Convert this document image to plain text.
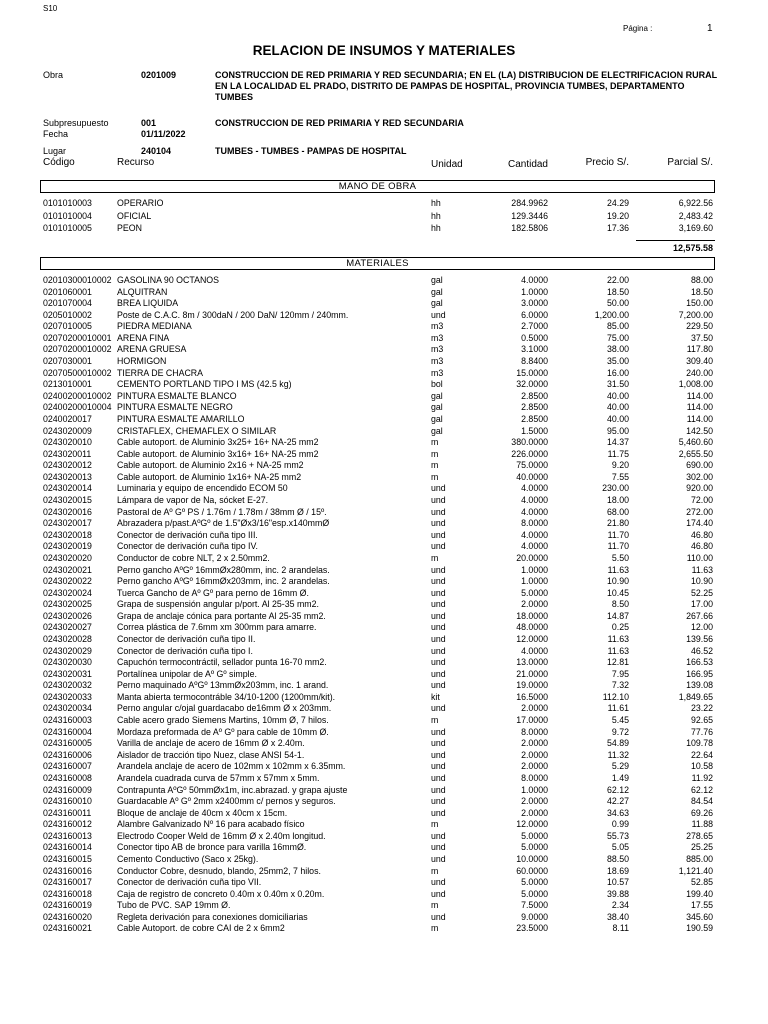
S10
Página :	1
RELACION DE INSUMOS Y MATERIALES
Obra	0201009	CONSTRUCCION DE RED PRIMARIA Y RED SECUNDARIA; EN EL (LA) DISTRIBUCION DE ELECTRIFICACION RURAL
EN LA LOCALIDAD EL PRADO, DISTRITO DE PAMPAS DE HOSPITAL, PROVINCIA TUMBES, DEPARTAMENTO
TUMBES
Subpresupuesto	001	CONSTRUCCION DE RED PRIMARIA Y RED SECUNDARIA
Fecha	01/11/2022
Lugar	240104	TUMBES - TUMBES - PAMPAS DE HOSPITAL
Código	Recurso	Unidad	Cantidad	Precio S/.	Parcial S/.
MANO DE OBRA
0101010003	OPERARIO	hh	284.9962	24.29	6,922.56
0101010004	OFICIAL	hh	129.3446	19.20	2,483.42
0101010005	PEON	hh	182.5806	17.36	3,169.60
12,575.58
MATERIALES
02010300010002 GASOLINA 90 OCTANOS	gal	4.0000	22.00	88.00
0201060001	ALQUITRAN	gal	1.0000	18.50	18.50
0201070004	BREA LIQUIDA	gal	3.0000	50.00	150.00
0205010002	Poste de C.A.C. 8m / 300daN / 200 DaN/ 120mm / 240mm.	und	6.0000	1,200.00	7,200.00
0207010005	PIEDRA MEDIANA	m3	2.7000	85.00	229.50
02070200010001 ARENA FINA	m3	0.5000	75.00	37.50
02070200010002 ARENA GRUESA	m3	3.1000	38.00	117.80
0207030001	HORMIGON	m3	8.8400	35.00	309.40
02070500010002 TIERRA DE CHACRA	m3	15.0000	16.00	240.00
0213010001	CEMENTO PORTLAND TIPO I MS (42.5 kg)	bol	32.0000	31.50	1,008.00
02400200010002 PINTURA ESMALTE BLANCO	gal	2.8500	40.00	114.00
02400200010004 PINTURA ESMALTE NEGRO	gal	2.8500	40.00	114.00
0240020017	PINTURA ESMALTE AMARILLO	gal	2.8500	40.00	114.00
0243020009	CRISTAFLEX, CHEMAFLEX O SIMILAR	gal	1.5000	95.00	142.50
0243020010	Cable autoport. de Aluminio 3x25+ 16+ NA-25 mm2	m	380.0000	14.37	5,460.60
0243020011	Cable autoport. de Aluminio 3x16+ 16+ NA-25 mm2	m	226.0000	11.75	2,655.50
0243020012	Cable autoport. de Aluminio 2x16 + NA-25 mm2	m	75.0000	9.20	690.00
0243020013	Cable autoport. de Aluminio 1x16+ NA-25 mm2	m	40.0000	7.55	302.00
0243020014	Luminaria y equipo de encendido ECOM 50	und	4.0000	230.00	920.00
0243020015	Lámpara de vapor de Na, sócket E-27.	und	4.0000	18.00	72.00
0243020016	Pastoral de Aº Gº PS / 1.76m / 1.78m / 38mm Ø / 15º.	und	4.0000	68.00	272.00
0243020017	Abrazadera p/past.AºGº de 1.5"Øx3/16"esp.x140mmØ	und	8.0000	21.80	174.40
0243020018	Conector de derivación cuña tipo III.	und	4.0000	11.70	46.80
0243020019	Conector de derivación cuña tipo IV.	und	4.0000	11.70	46.80
0243020020	Conductor de cobre NLT, 2 x 2.50mm2.	m	20.0000	5.50	110.00
0243020021	Perno gancho AºGº 16mmØx280mm, inc. 2 arandelas.	und	1.0000	11.63	11.63
0243020022	Perno gancho AºGº 16mmØx203mm, inc. 2 arandelas.	und	1.0000	10.90	10.90
0243020024	Tuerca Gancho de Aº Gº para perno de 16mm Ø.	und	5.0000	10.45	52.25
0243020025	Grapa de suspensión angular p/port. Al 25-35 mm2.	und	2.0000	8.50	17.00
0243020026	Grapa de anclaje cónica para portante Al 25-35 mm2.	und	18.0000	14.87	267.66
0243020027	Correa plástica de 7.6mm xm 300mm para amarre.	und	48.0000	0.25	12.00
0243020028	Conector de derivación cuña tipo II.	und	12.0000	11.63	139.56
0243020029	Conector de derivación cuña tipo I.	und	4.0000	11.63	46.52
0243020030	Capuchón termocontráctil, sellador punta 16-70 mm2.	und	13.0000	12.81	166.53
0243020031	Portalínea unipolar de Aº Gº simple.	und	21.0000	7.95	166.95
0243020032	Perno maquinado AºGº 13mmØx203mm, inc. 1 arand.	und	19.0000	7.32	139.08
0243020033	Manta abierta termocontráble 34/10-1200 (1200mm/kit).	kit	16.5000	112.10	1,849.65
0243020034	Perno angular c/ojal guardacabo de16mm Ø x 203mm.	und	2.0000	11.61	23.22
0243160003	Cable acero grado Siemens Martins, 10mm Ø, 7 hilos.	m	17.0000	5.45	92.65
0243160004	Mordaza preformada de Aº Gº para cable de 10mm Ø.	und	8.0000	9.72	77.76
0243160005	Varilla de anclaje de acero de 16mm Ø x 2.40m.	und	2.0000	54.89	109.78
0243160006	Aislador de tracción tipo Nuez, clase ANSI 54-1.	und	2.0000	11.32	22.64
0243160007	Arandela anclaje de acero de 102mm x 102mm x 6.35mm.	und	2.0000	5.29	10.58
0243160008	Arandela cuadrada curva de 57mm x 57mm x 5mm.	und	8.0000	1.49	11.92
0243160009	Contrapunta AºGº 50mmØx1m, inc.abrazad. y grapa ajuste	und	1.0000	62.12	62.12
0243160010	Guardacable Aº Gº 2mm x2400mm c/ pernos y seguros.	und	2.0000	42.27	84.54
0243160011	Bloque de anclaje de 40cm x 40cm x 15cm.	und	2.0000	34.63	69.26
0243160012	Alambre Galvanizado Nº 16 para acabado físico	m	12.0000	0.99	11.88
0243160013	Electrodo Cooper Weld de 16mm Ø x 2.40m longitud.	und	5.0000	55.73	278.65
0243160014	Conector tipo AB de bronce para varilla 16mmØ.	und	5.0000	5.05	25.25
0243160015	Cemento Conductivo (Saco x 25kg).	und	10.0000	88.50	885.00
0243160016	Conductor Cobre, desnudo, blando, 25mm2, 7 hilos.	m	60.0000	18.69	1,121.40
0243160017	Conector de derivación cuña tipo VII.	und	5.0000	10.57	52.85
0243160018	Caja de registro de concreto 0.40m x 0.40m x 0.20m.	und	5.0000	39.88	199.40
0243160019	Tubo de PVC. SAP 19mm Ø.	m	7.5000	2.34	17.55
0243160020	Regleta derivación para conexiones domiciliarias	und	9.0000	38.40	345.60
0243160021	Cable Autoport. de cobre CAI de 2 x 6mm2	m	23.5000	8.11	190.59
